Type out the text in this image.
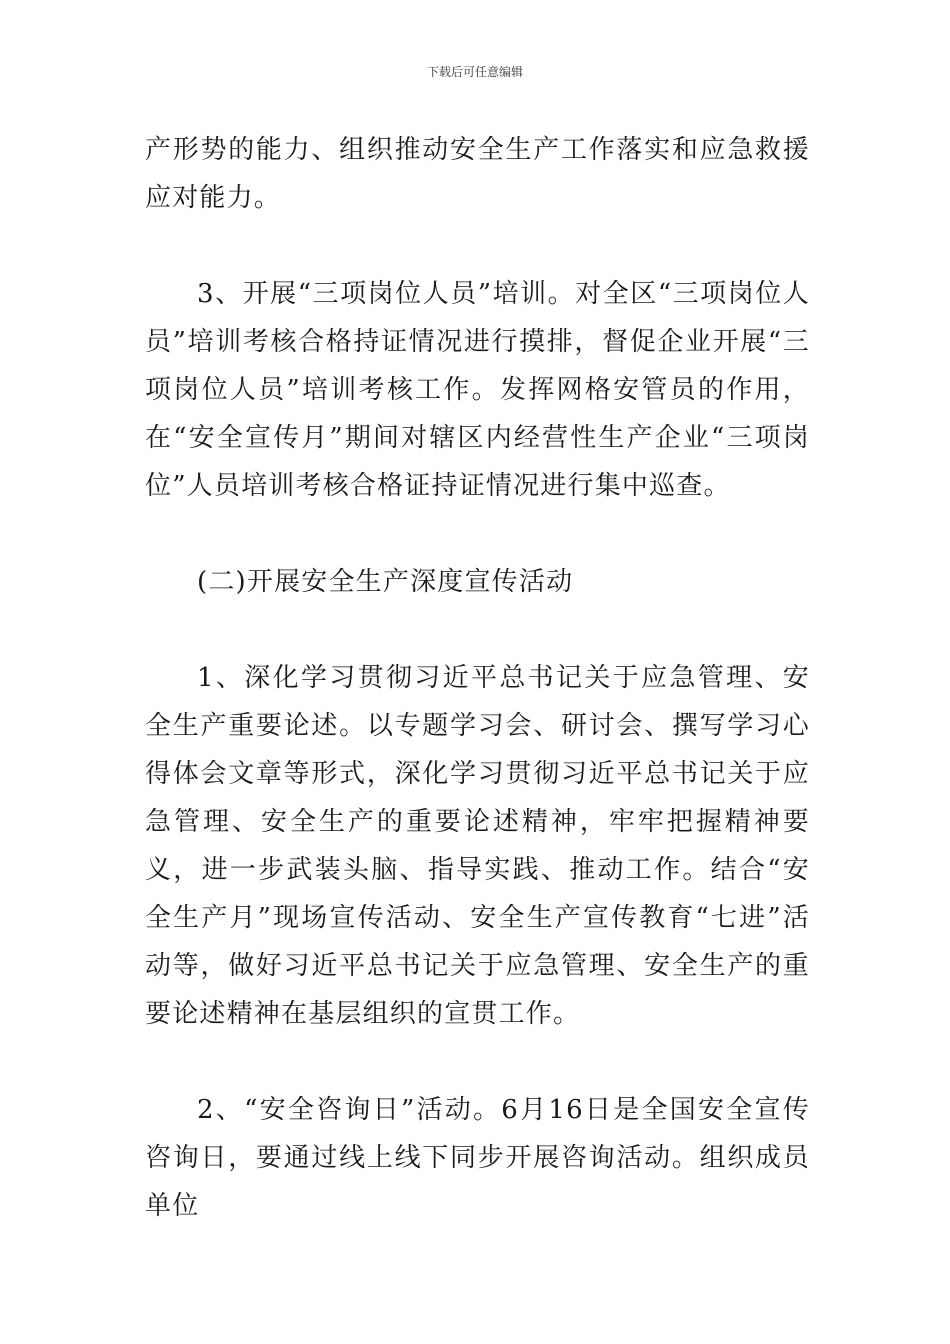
下载后可任意编辑

产形势的能力、组织推动安全生产工作落实和应急救援应对能力。

3、开展“三项岗位人员”培训。对全区“三项岗位人员”培训考核合格持证情况进行摸排，督促企业开展“三项岗位人员”培训考核工作。发挥网格安管员的作用，在“安全宣传月”期间对辖区内经营性生产企业“三项岗位”人员培训考核合格证持证情况进行集中巡查。

(二)开展安全生产深度宣传活动

1、深化学习贯彻习近平总书记关于应急管理、安全生产重要论述。以专题学习会、研讨会、撰写学习心得体会文章等形式，深化学习贯彻习近平总书记关于应急管理、安全生产的重要论述精神，牢牢把握精神要义，进一步武装头脑、指导实践、推动工作。结合“安全生产月”现场宣传活动、安全生产宣传教育“七进”活动等，做好习近平总书记关于应急管理、安全生产的重要论述精神在基层组织的宣贯工作。

2、“安全咨询日”活动。6月16日是全国安全宣传咨询日，要通过线上线下同步开展咨询活动。组织成员单位
